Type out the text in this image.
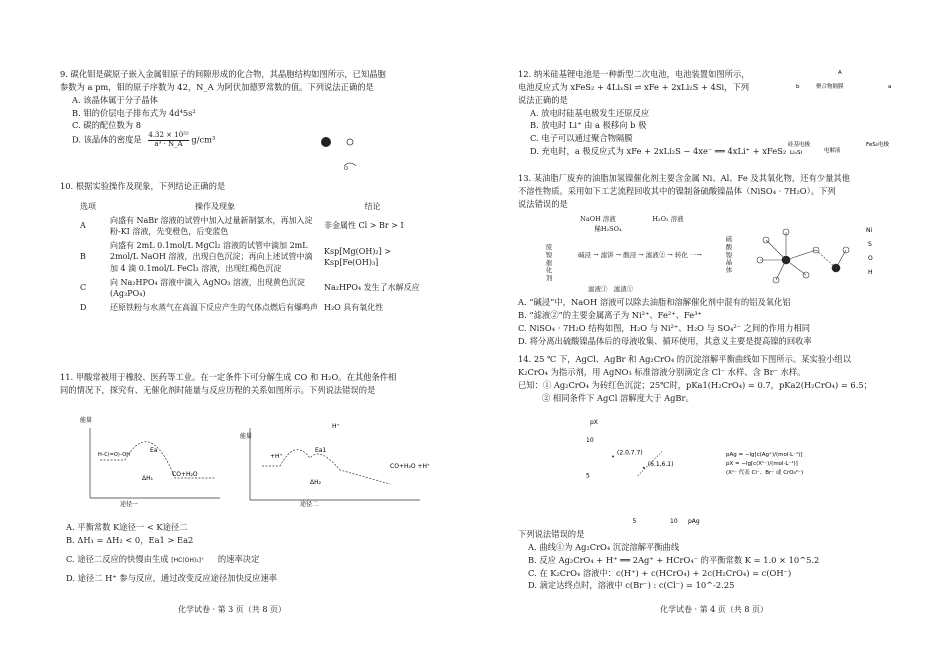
9. 碳化钼是碳原子嵌入金属钼原子的间隙形成的化合物，其晶胞结构如图所示，已知晶胞
参数为 a pm，钼的原子序数为 42，N_A 为阿伏加德罗常数的值。下列说法正确的是
A. 该晶体属于分子晶体
B. 钼的价层电子排布式为 4d⁴5s²
C. 碳的配位数为 8
D. 该晶体的密度是 $\frac{\text{4.32 × 10³²}}{\text{a³ · N\_A}} g/cm^3$
10. 根据实验操作及现象，下列结论正确的是
选项	操作及现象	结论
A	向盛有 NaBr 溶液的试管中加入过量新制氯水，再加入淀粉-KI 溶液，先变橙色，后变蓝色	非金属性 Cl > Br > I
B	向盛有 2mL 0.1mol/L MgCl₂ 溶液的试管中滴加 2mL 2mol/L NaOH 溶液，出现白色沉淀；再向上述试管中滴加 4 滴 0.1mol/L FeCl₃ 溶液，出现红褐色沉淀	Ksp[Mg(OH)₂] > Ksp[Fe(OH)₃]
C	向 Na₂HPO₄ 溶液中滴入 AgNO₃ 溶液，出现黄色沉淀(Ag₃PO₄)	Na₂HPO₄ 发生了水解反应
D	还原铁粉与水蒸气在高温下反应产生的气体点燃后有爆鸣声	H₂O 具有氧化性
11. 甲酸常被用于橡胶、医药等工业。在一定条件下可分解生成 CO 和 H₂O。在其他条件相
同的情况下，探究有、无催化剂时能量与反应历程的关系如图所示。下列说法错误的是
能量
Ea
ΔH₁
CO+H₂O
途径一
H–C(=O)–OH
能量
+H⁺
Ea1
ΔH₂
CO+H₂O +H⁺
H⁺
途径二
A. 平衡常数 K途径一 < K途径二
B. ΔH₁ = ΔH₂ < 0，Ea1 > Ea2
C. 途径二反应的快慢由生成 [HC(OH)₂]⁺ 的速率决定
D. 途径二 H⁺ 参与反应，通过改变反应途径加快反应速率
化学试卷 · 第 3 页（共 8 页）
12. 纳米硅基锂电池是一种新型二次电池，电池装置如图所示，
电池反应式为 xFeS₂ + 4LiₓSi ⇌ xFe + 2xLi₂S + 4Si，下列
说法正确的是
A. 放电时硅基电极发生还原反应
B. 放电时 Li⁺ 由 a 极移向 b 极
C. 电子可以通过聚合物隔膜
D. 充电时，a 极反应式为 xFe + 2xLi₂S − 4xe⁻ ══ 4xLi⁺ + xFeS₂
A
b	a
聚合物隔膜
硅基电极
LiₓSi	电解液
FeS₂电极
13. 某油脂厂废弃的油脂加氢镍催化剂主要含金属 Ni、Al、Fe 及其氧化物，还有少量其他
不溶性物质。采用如下工艺流程回收其中的镍制备硫酸镍晶体（NiSO₄ · 7H₂O）。下列
说法错误的是
NaOH 溶液
稀H₂SO₄
H₂O₂ 溶液
废镍催化剂
碱浸 → 滤饼 → 酸浸 → 滤液② → 转化 ⋯→
硫酸镍晶体
滤液① 滤渣①
Ni
S
O
H
A. “碱浸”中，NaOH 溶液可以除去油脂和溶解催化剂中混有的铝及氧化铝
B. “滤液②”的主要金属离子为 Ni²⁺、Fe²⁺、Fe³⁺
C. NiSO₄ · 7H₂O 结构如图，H₂O 与 Ni²⁺、H₂O 与 SO₄²⁻ 之间的作用力相同
D. 将分离出硫酸镍晶体后的母液收集、循环使用，其意义主要是提高镍的回收率
14. 25 ℃ 下，AgCl、AgBr 和 Ag₂CrO₄ 的沉淀溶解平衡曲线如下图所示。某实验小组以
K₂CrO₄ 为指示剂，用 AgNO₃ 标准溶液分别滴定含 Cl⁻ 水样、含 Br⁻ 水样。
已知：① Ag₂CrO₄ 为砖红色沉淀；25℃时，pKa1(H₂CrO₄) = 0.7，pKa2(H₂CrO₄) = 6.5；
② 相同条件下 AgCl 溶解度大于 AgBr。
pX
pAg
5
10
5	10
(2.0,7.7)
(6.1,6.1)
pAg = −lg[c(Ag⁺)/(mol·L⁻¹)]
pX = −lg[c(Xⁿ⁻)/(mol·L⁻¹)]
(Xⁿ⁻ 代表 Cl⁻、Br⁻ 或 CrO₄²⁻)
下列说法错误的是
A. 曲线①为 Ag₂CrO₄ 沉淀溶解平衡曲线
B. 反应 Ag₂CrO₄ + H⁺ ══ 2Ag⁺ + HCrO₄⁻ 的平衡常数 K = 1.0 × 10^5.2
C. 在 K₂CrO₄ 溶液中：c(H⁺) + c(HCrO₄) + 2c(H₂CrO₄) = c(OH⁻)
D. 滴定达终点时，溶液中 c(Br⁻) : c(Cl⁻) = 10^-2.25
化学试卷 · 第 4 页（共 8 页）
